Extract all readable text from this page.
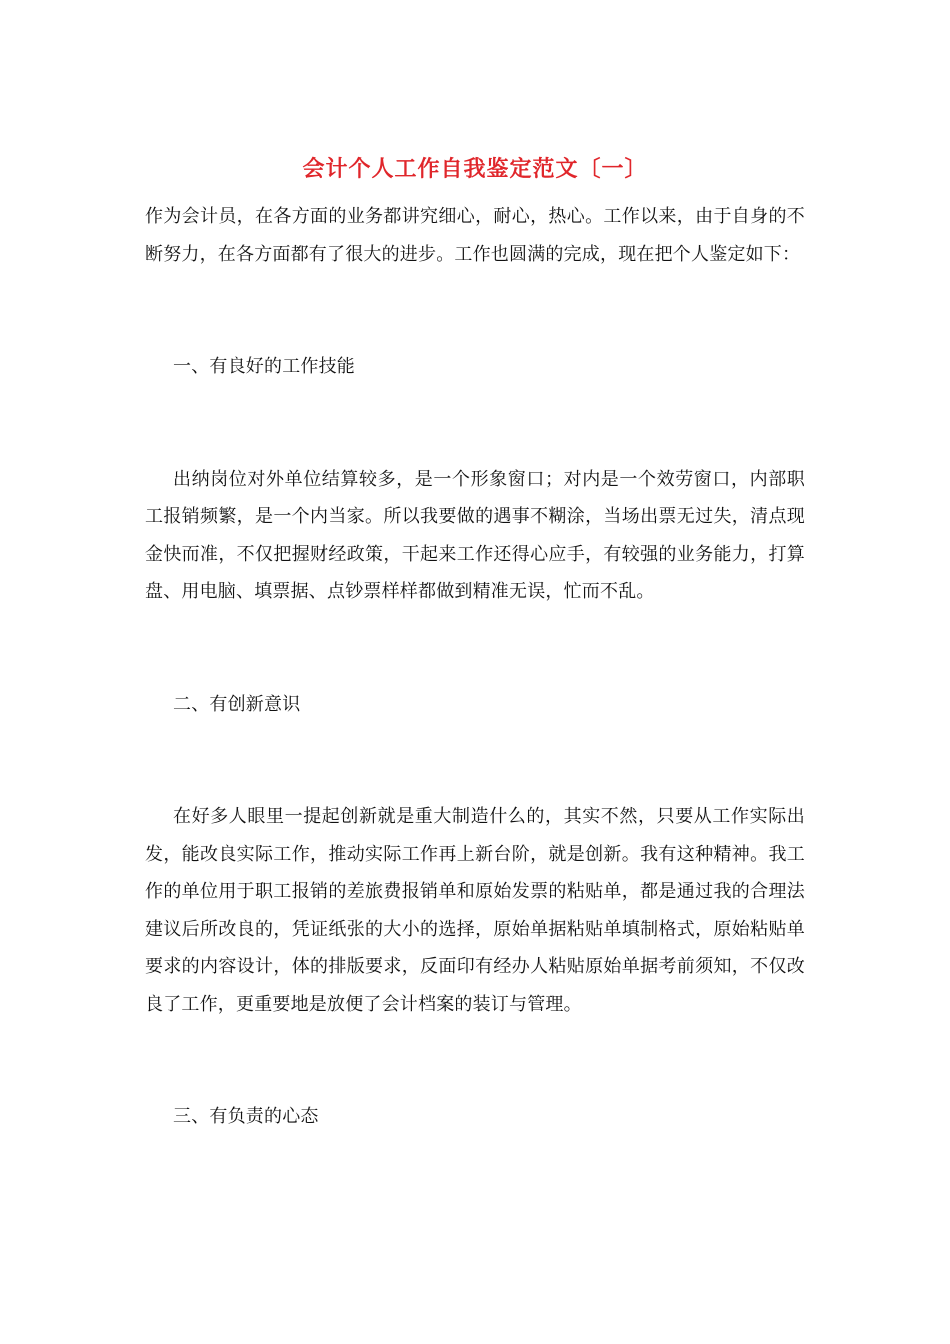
会计个人工作自我鉴定范文〔一〕

作为会计员，在各方面的业务都讲究细心，耐心，热心。工作以来，由于自身的不断努力，在各方面都有了很大的进步。工作也圆满的完成，现在把个人鉴定如下：

一、有良好的工作技能

出纳岗位对外单位结算较多，是一个形象窗口；对内是一个效劳窗口，内部职工报销频繁，是一个内当家。所以我要做的遇事不糊涂，当场出票无过失，清点现金快而准，不仅把握财经政策，干起来工作还得心应手，有较强的业务能力，打算盘、用电脑、填票据、点钞票样样都做到精准无误，忙而不乱。

二、有创新意识

在好多人眼里一提起创新就是重大制造什么的，其实不然，只要从工作实际出发，能改良实际工作，推动实际工作再上新台阶，就是创新。我有这种精神。我工作的单位用于职工报销的差旅费报销单和原始发票的粘贴单，都是通过我的合理法建议后所改良的，凭证纸张的大小的选择，原始单据粘贴单填制格式，原始粘贴单要求的内容设计，体的排版要求，反面印有经办人粘贴原始单据考前须知，不仅改良了工作，更重要地是放便了会计档案的装订与管理。

三、有负责的心态
